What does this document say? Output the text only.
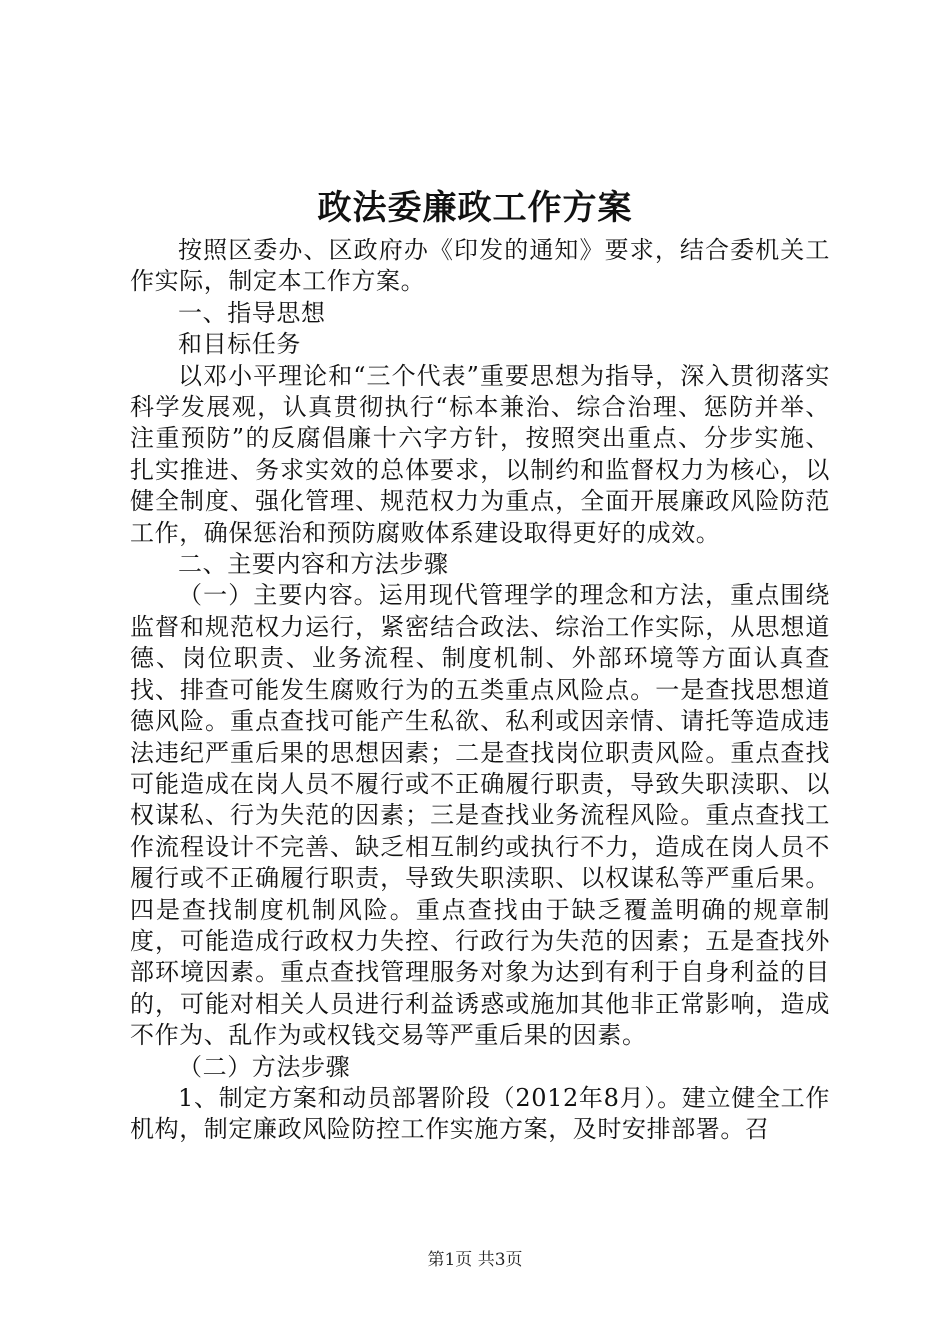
政法委廉政工作方案

按照区委办、区政府办《印发的通知》要求，结合委机关工作实际，制定本工作方案。

一、指导思想

和目标任务

以邓小平理论和“三个代表”重要思想为指导，深入贯彻落实科学发展观，认真贯彻执行“标本兼治、综合治理、惩防并举、注重预防”的反腐倡廉十六字方针，按照突出重点、分步实施、扎实推进、务求实效的总体要求，以制约和监督权力为核心，以健全制度、强化管理、规范权力为重点，全面开展廉政风险防范工作，确保惩治和预防腐败体系建设取得更好的成效。

二、主要内容和方法步骤

（一）主要内容。运用现代管理学的理念和方法，重点围绕监督和规范权力运行，紧密结合政法、综治工作实际，从思想道德、岗位职责、业务流程、制度机制、外部环境等方面认真查找、排查可能发生腐败行为的五类重点风险点。一是查找思想道德风险。重点查找可能产生私欲、私利或因亲情、请托等造成违法违纪严重后果的思想因素；二是查找岗位职责风险。重点查找可能造成在岗人员不履行或不正确履行职责，导致失职渎职、以权谋私、行为失范的因素；三是查找业务流程风险。重点查找工作流程设计不完善、缺乏相互制约或执行不力，造成在岗人员不履行或不正确履行职责，导致失职渎职、以权谋私等严重后果。四是查找制度机制风险。重点查找由于缺乏覆盖明确的规章制度，可能造成行政权力失控、行政行为失范的因素；五是查找外部环境因素。重点查找管理服务对象为达到有利于自身利益的目的，可能对相关人员进行利益诱惑或施加其他非正常影响，造成不作为、乱作为或权钱交易等严重后果的因素。

（二）方法步骤

1、制定方案和动员部署阶段（2012年8月）。建立健全工作机构，制定廉政风险防控工作实施方案，及时安排部署。召

第1页 共3页
